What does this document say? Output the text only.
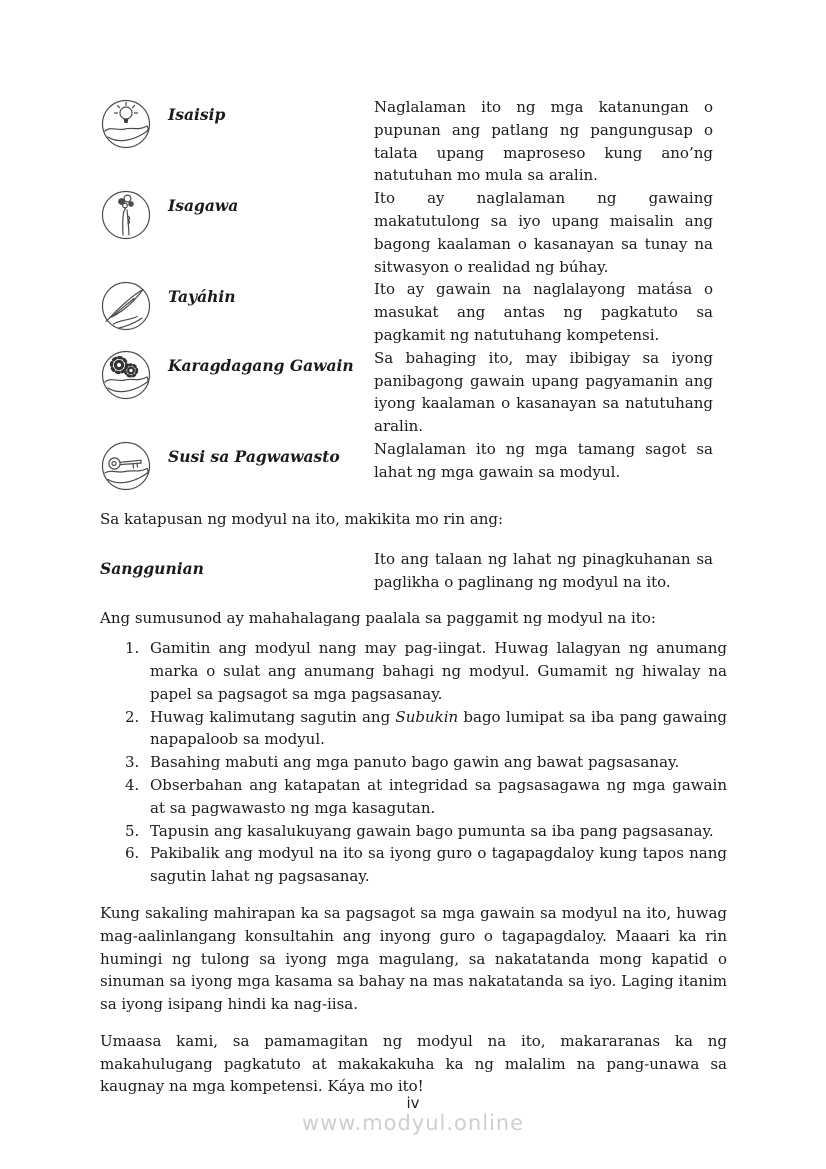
Isaisip	Naglalaman ito ng mga katanungan o pupunan ang patlang ng pangungusap o talata upang maproseso kung ano’ng natutuhan mo mula sa aralin.

Isagawa	Ito ay naglalaman ng gawaing makatutulong sa iyo upang maisalin ang bagong kaalaman o kasanayan sa tunay na sitwasyon o realidad ng búhay.

Tayáhin	Ito ay gawain na naglalayong matása o masukat ang antas ng pagkatuto sa pagkamit ng natutuhang kompetensi.

Karagdagang Gawain	Sa bahaging ito, may ibibigay sa iyong panibagong gawain upang pagyamanin ang iyong kaalaman o kasanayan sa natutuhang aralin.

Susi sa Pagwawasto	Naglalaman ito ng mga tamang sagot sa lahat ng mga gawain sa modyul.

Sa katapusan ng modyul na ito, makikita mo rin ang:

Sanggunian	Ito ang talaan ng lahat ng pinagkuhanan sa paglikha o paglinang ng modyul na ito.

Ang sumusunod ay mahahalagang paalala sa paggamit ng modyul na ito:

1. Gamitin ang modyul nang may pag-iingat. Huwag lalagyan ng anumang marka o sulat ang anumang bahagi ng modyul. Gumamit ng hiwalay na papel sa pagsagot sa mga pagsasanay.

2. Huwag kalimutang sagutin ang Subukin bago lumipat sa iba pang gawaing napapaloob sa modyul.

3. Basahing mabuti ang mga panuto bago gawin ang bawat pagsasanay.

4. Obserbahan ang katapatan at integridad sa pagsasagawa ng mga gawain at sa pagwawasto ng mga kasagutan.

5. Tapusin ang kasalukuyang gawain bago pumunta sa iba pang pagsasanay.

6. Pakibalik ang modyul na ito sa iyong guro o tagapagdaloy kung tapos nang sagutin lahat ng pagsasanay.

Kung sakaling mahirapan ka sa pagsagot sa mga gawain sa modyul na ito, huwag mag-aalinlangang konsultahin ang inyong guro o tagapagdaloy. Maaari ka rin humingi ng tulong sa iyong mga magulang, sa nakatatanda mong kapatid o sinuman sa iyong mga kasama sa bahay na mas nakatatanda sa iyo. Laging itanim sa iyong isipang hindi ka nag-iisa.

Umaasa kami, sa pamamagitan ng modyul na ito, makararanas ka ng makahulugang pagkatuto at makakakuha ka ng malalim na pang-unawa sa kaugnay na mga kompetensi. Káya mo ito!

iv
www.modyul.online
